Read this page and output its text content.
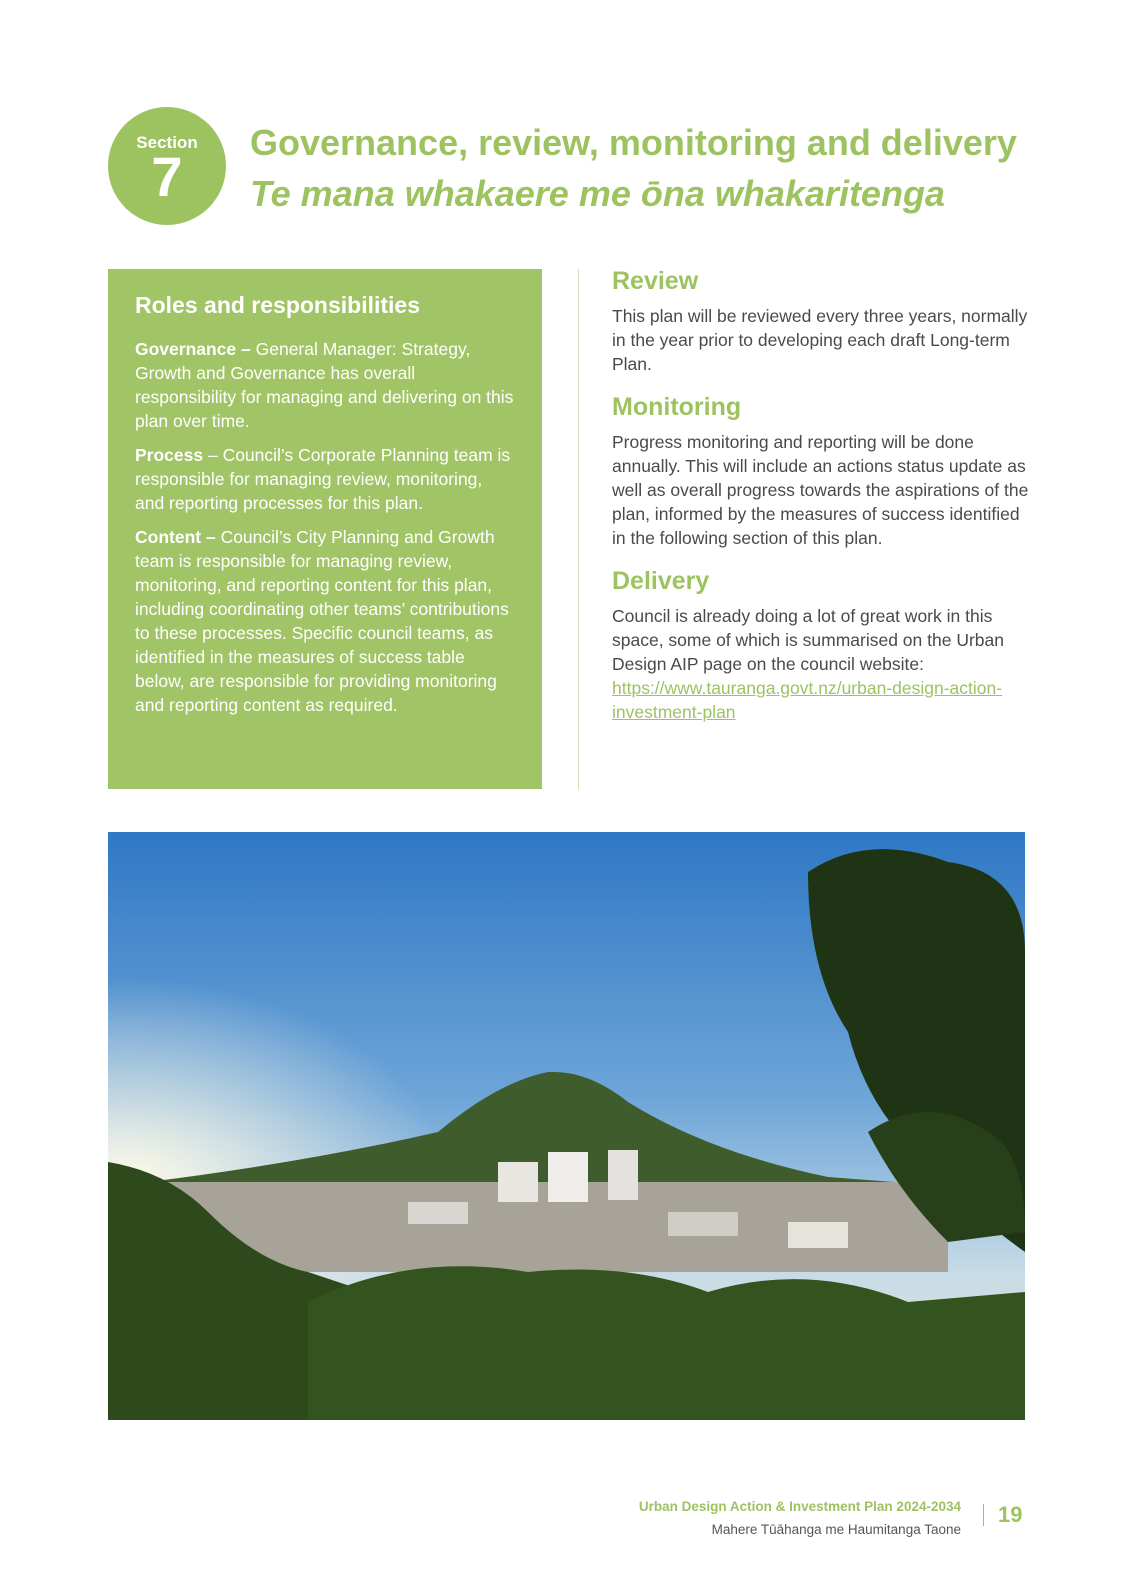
Section
7
Governance, review, monitoring and delivery
Te mana whakaere me ōna whakaritenga
Roles and responsibilities

Governance – General Manager: Strategy, Growth and Governance has overall responsibility for managing and delivering on this plan over time.

Process – Council’s Corporate Planning team is responsible for managing review, monitoring, and reporting processes for this plan.

Content – Council’s City Planning and Growth team is responsible for managing review, monitoring, and reporting content for this plan, including coordinating other teams’ contributions to these processes. Specific council teams, as identified in the measures of success table below, are responsible for providing monitoring and reporting content as required.

Review

This plan will be reviewed every three years, normally in the year prior to developing each draft Long-term Plan.

Monitoring

Progress monitoring and reporting will be done annually. This will include an actions status update as well as overall progress towards the aspirations of the plan, informed by the measures of success identified in the following section of this plan.

Delivery

Council is already doing a lot of great work in this space, some of which is summarised on the Urban Design AIP page on the council website: https://www.tauranga.govt.nz/urban-design-action-investment-plan

Urban Design Action & Investment Plan 2024-2034
Mahere Tūāhanga me Haumitanga Taone
19
